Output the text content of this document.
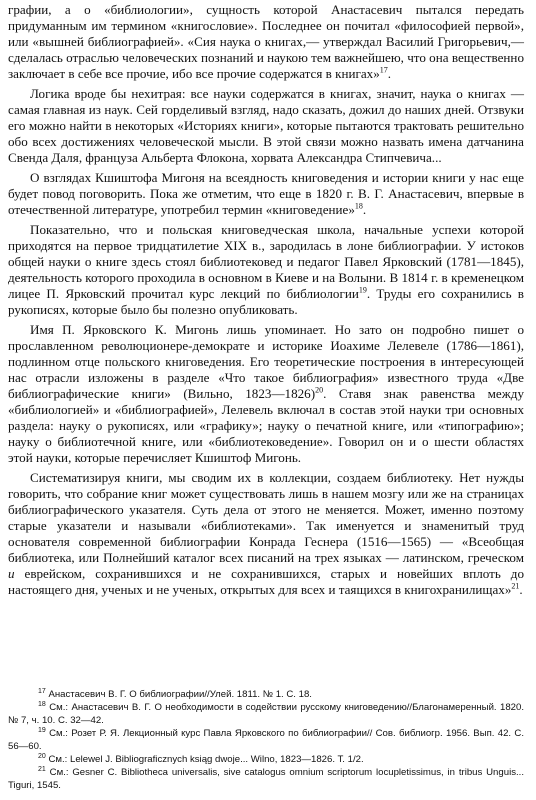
графии, а о «библиологии», сущность которой Анастасевич пытался передать придуманным им термином «книгословие». Последнее он почитал «философией первой», или «вышней библиографией». «Сия наука о книгах,— утверждал Василий Григорьевич,— сделалась отраслью человеческих познаний и наукою тем важнейшею, что она вещественно заключает в себе все прочие, ибо все прочие содержатся в книгах»$^{17}$.

Логика вроде бы нехитрая: все науки содержатся в книгах, значит, наука о книгах — самая главная из наук. Сей горделивый взгляд, надо сказать, дожил до наших дней. Отзвуки его можно найти в некоторых «Историях книги», которые пытаются трактовать решительно обо всех достижениях человеческой мысли. В этой связи можно назвать имена датчанина Свенда Даля, француза Альберта Флокона, хорвата Александра Стипчевича...

О взглядах Кшиштофа Мигоня на всеядность книговедения и истории книги у нас еще будет повод поговорить. Пока же отметим, что еще в 1820 г. В. Г. Анастасевич, впервые в отечественной литературе, употребил термин «книговедение»$^{18}$.

Показательно, что и польская книговедческая школа, начальные успехи которой приходятся на первое тридцатилетие XIX в., зародилась в лоне библиографии. У истоков общей науки о книге здесь стоял библиотековед и педагог Павел Ярковский (1781—1845), деятельность которого проходила в основном в Киеве и на Волыни. В 1814 г. в кременецком лицее П. Ярковский прочитал курс лекций по библиологии$^{19}$. Труды его сохранились в рукописях, которые было бы полезно опубликовать.

Имя П. Ярковского К. Мигонь лишь упоминает. Но зато он подробно пишет о прославленном революционере-демократе и историке Иоахиме Лелевеле (1786—1861), подлинном отце польского книговедения. Его теоретические построения в интересующей нас отрасли изложены в разделе «Что такое библиография» известного труда «Две библиографические книги» (Вильно, 1823—1826)$^{20}$. Ставя знак равенства между «библиологией» и «библиографией», Лелевель включал в состав этой науки три основных раздела: науку о рукописях, или «графику»; науку о печатной книге, или «типографию»; науку о библиотечной книге, или «библиотековедение». Говорил он и о шести областях этой науки, которые перечисляет Кшиштоф Мигонь.

Систематизируя книги, мы сводим их в коллекции, создаем библиотеку. Нет нужды говорить, что собрание книг может существовать лишь в нашем мозгу или же на страницах библиографического указателя. Суть дела от этого не меняется. Может, именно поэтому старые указатели и называли «библиотеками». Так именуется и знаменитый труд основателя современной библиографии Конрада Геснера (1516—1565) — «Всеобщая библиотека, или Полнейший каталог всех писаний на трех языках — латинском, греческом и еврейском, сохранившихся и не сохранившихся, старых и новейших вплоть до настоящего дня, ученых и не ученых, открытых для всех и таящихся в книгохранилищах»$^{21}$.

$^{17}$ Анастасевич В. Г. О библиографии//Улей. 1811. № 1. С. 18.

$^{18}$ См.: Анастасевич В. Г. О необходимости в содействии русскому книговедению//Благонамеренный. 1820. № 7, ч. 10. С. 32—42.

$^{19}$ См.: Розет Р. Я. Лекционный курс Павла Ярковского по библиографии// Сов. библиогр. 1956. Вып. 42. С. 56—60.

$^{20}$ См.: Lelewel J. Bibliograficznych ksiąg dwoje... Wilno, 1823—1826. T. 1/2.

$^{21}$ См.: Gesner C. Bibliotheca universalis, sive catalogus omnium scriptorum locupletissimus, in tribus Unguis... Tiguri, 1545.
